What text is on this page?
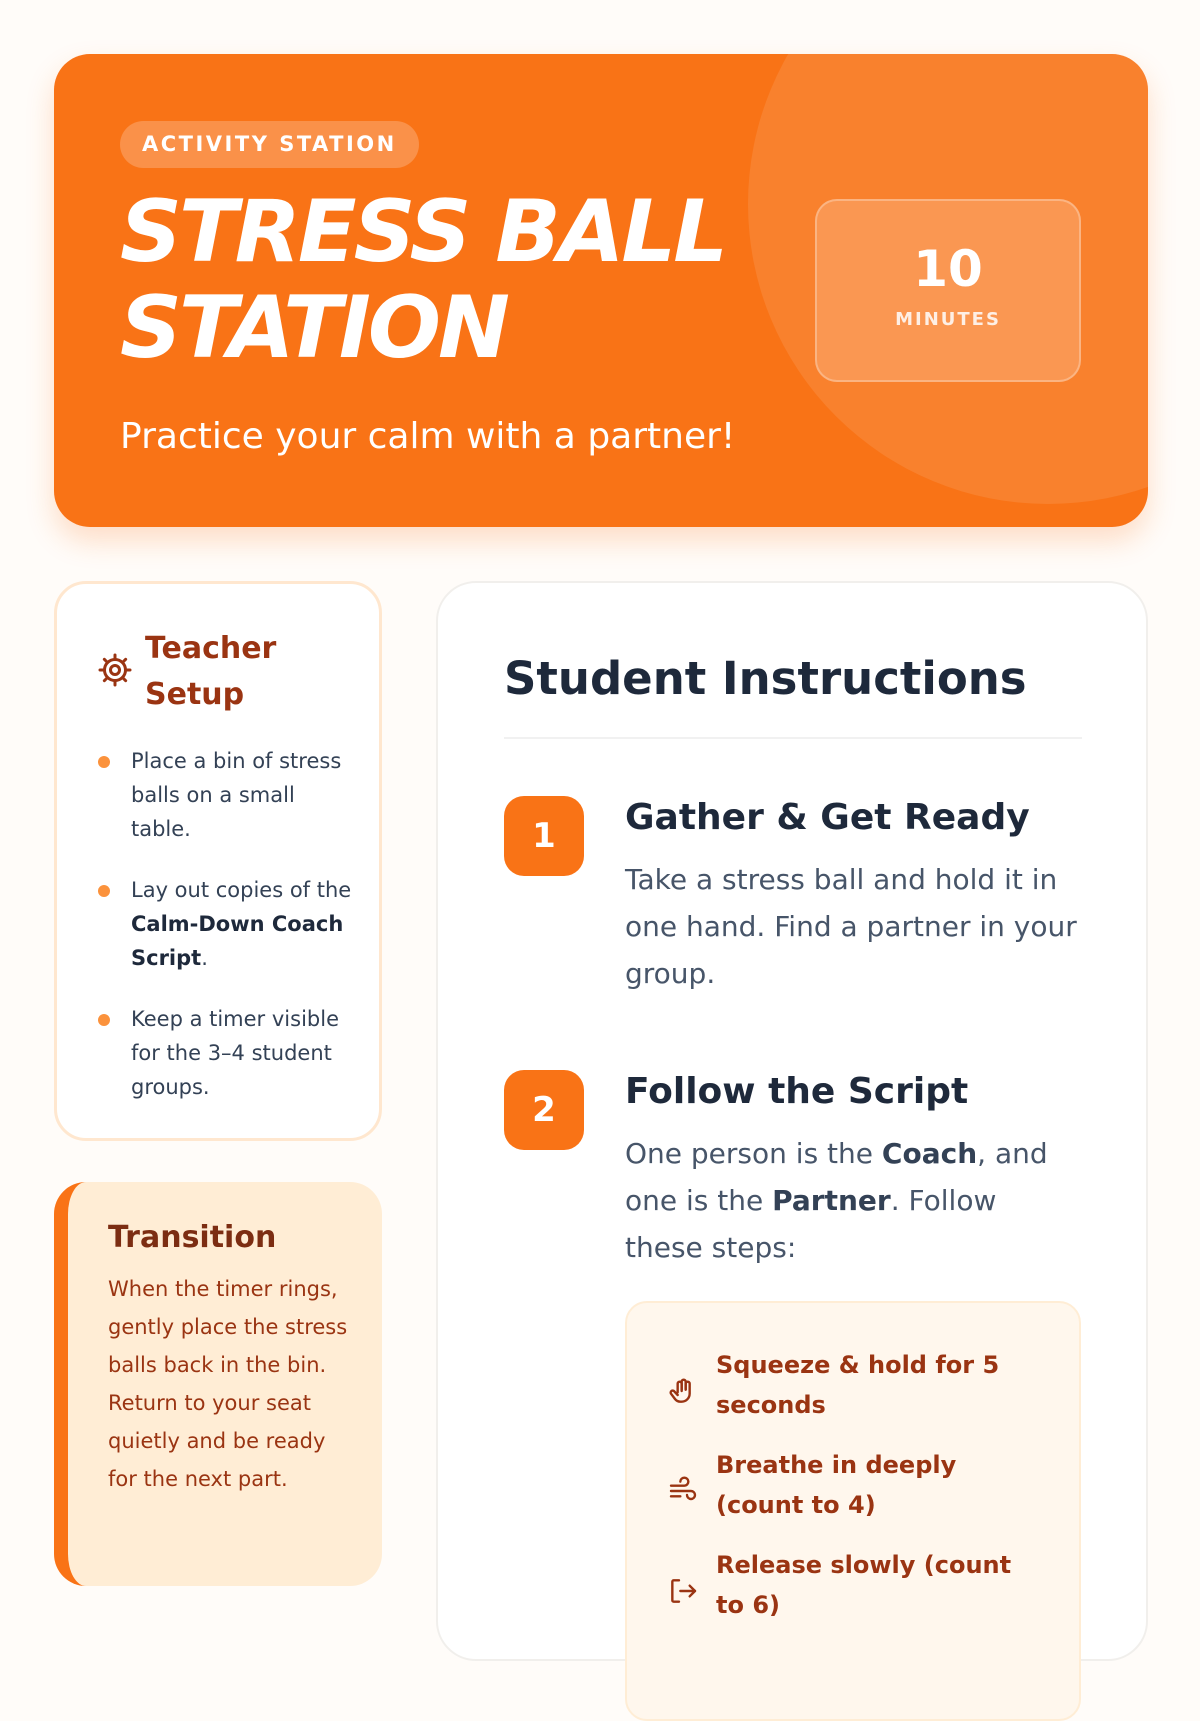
ACTIVITY STATION
STRESS BALL
STATION

Practice your calm with a partner!

10
MINUTES
Teacher Setup
Place a bin of stress balls on a small table.
Lay out copies of the Calm-Down Coach Script.
Keep a timer visible for the 3–4 student groups.
Transition

When the timer rings, gently place the stress balls back in the bin. Return to your seat quietly and be ready for the next part.

Student Instructions
1	Gather & Get Ready

Take a stress ball and hold it in one hand. Find a partner in your group.

2	Follow the Script

One person is the Coach, and one is the Partner. Follow these steps:

Squeeze & hold for 5 seconds
Breathe in deeply (count to 4)
Release slowly (count to 6)
